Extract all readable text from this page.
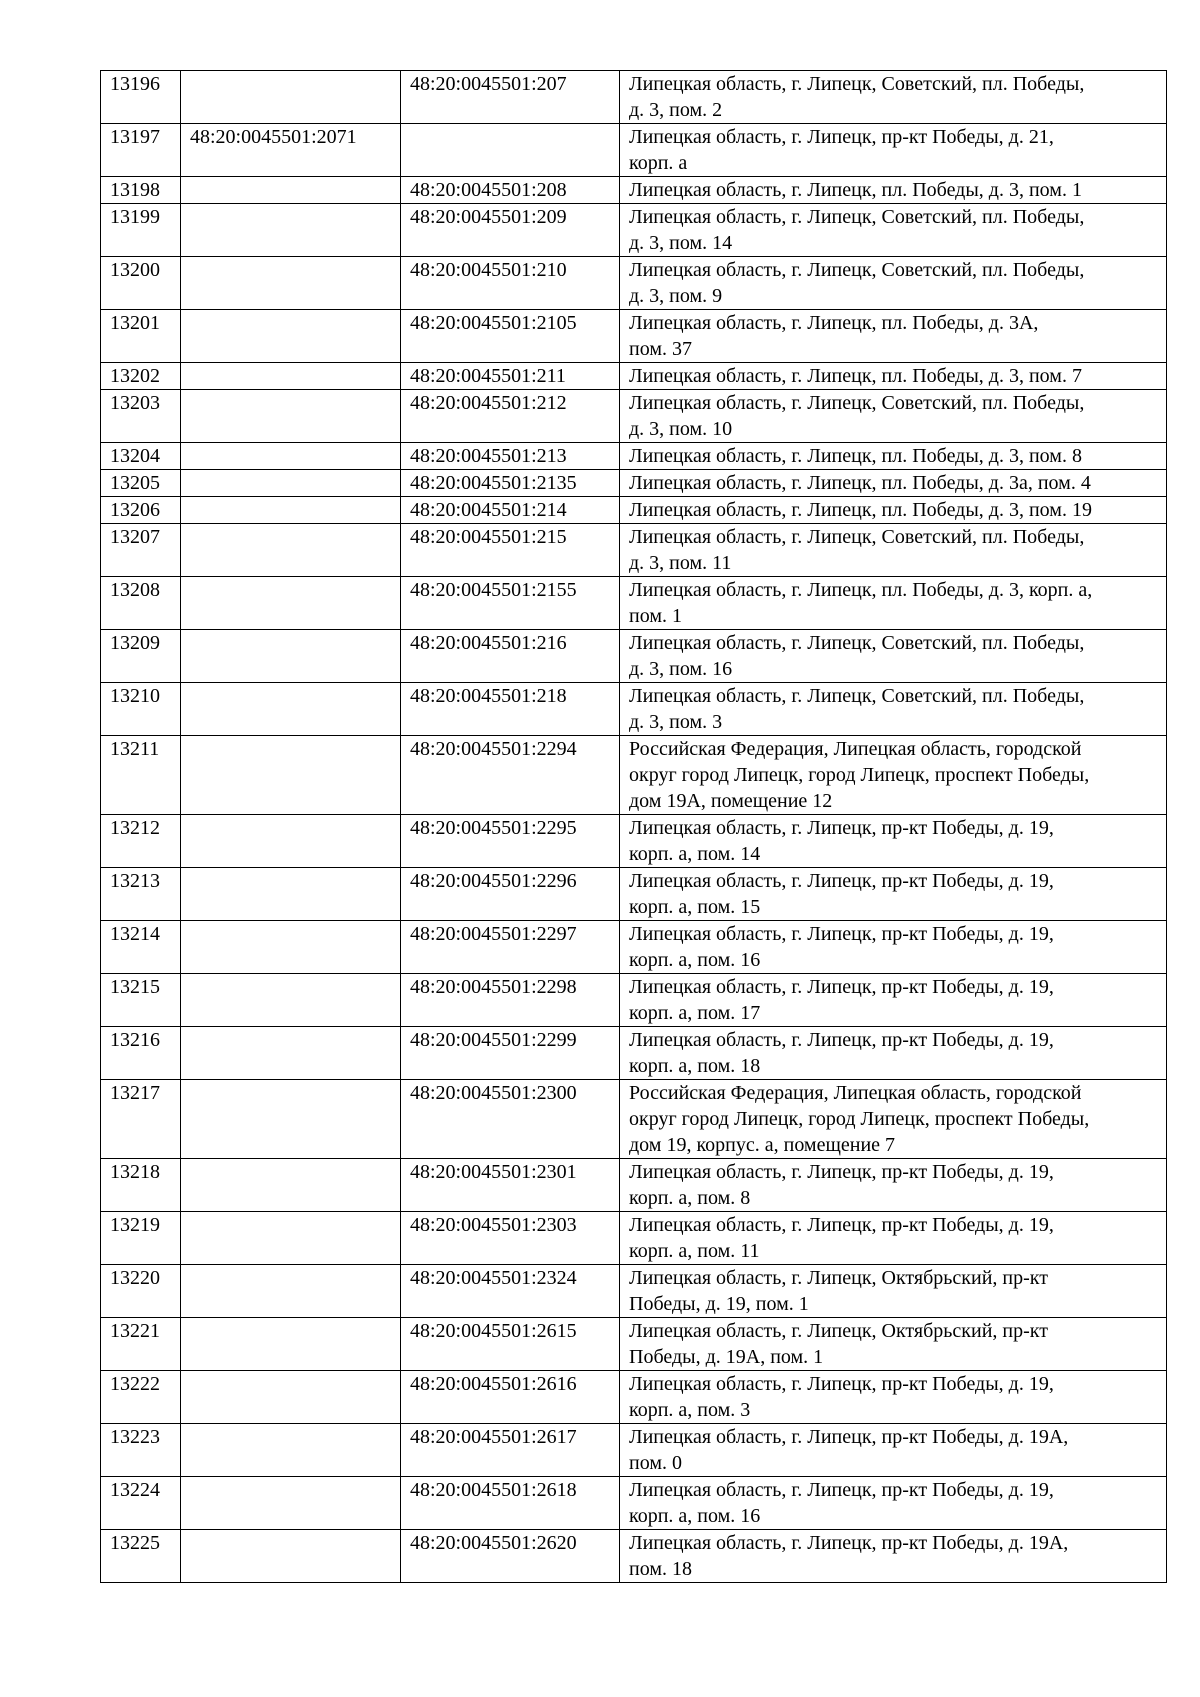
13196		48:20:0045501:207	Липецкая область, г. Липецк, Советский, пл. Победы,
д. 3, пом. 2
13197	48:20:0045501:2071		Липецкая область, г. Липецк, пр-кт Победы, д. 21,
корп. а
13198		48:20:0045501:208	Липецкая область, г. Липецк, пл. Победы, д. 3, пом. 1
13199		48:20:0045501:209	Липецкая область, г. Липецк, Советский, пл. Победы,
д. 3, пом. 14
13200		48:20:0045501:210	Липецкая область, г. Липецк, Советский, пл. Победы,
д. 3, пом. 9
13201		48:20:0045501:2105	Липецкая область, г. Липецк, пл. Победы, д. 3А,
пом. 37
13202		48:20:0045501:211	Липецкая область, г. Липецк, пл. Победы, д. 3, пом. 7
13203		48:20:0045501:212	Липецкая область, г. Липецк, Советский, пл. Победы,
д. 3, пом. 10
13204		48:20:0045501:213	Липецкая область, г. Липецк, пл. Победы, д. 3, пом. 8
13205		48:20:0045501:2135	Липецкая область, г. Липецк, пл. Победы, д. 3а, пом. 4
13206		48:20:0045501:214	Липецкая область, г. Липецк, пл. Победы, д. 3, пом. 19
13207		48:20:0045501:215	Липецкая область, г. Липецк, Советский, пл. Победы,
д. 3, пом. 11
13208		48:20:0045501:2155	Липецкая область, г. Липецк, пл. Победы, д. 3, корп. а,
пом. 1
13209		48:20:0045501:216	Липецкая область, г. Липецк, Советский, пл. Победы,
д. 3, пом. 16
13210		48:20:0045501:218	Липецкая область, г. Липецк, Советский, пл. Победы,
д. 3, пом. 3
13211		48:20:0045501:2294	Российская Федерация, Липецкая область, городской
округ город Липецк, город Липецк, проспект Победы,
дом 19А, помещение 12
13212		48:20:0045501:2295	Липецкая область, г. Липецк, пр-кт Победы, д. 19,
корп. а, пом. 14
13213		48:20:0045501:2296	Липецкая область, г. Липецк, пр-кт Победы, д. 19,
корп. а, пом. 15
13214		48:20:0045501:2297	Липецкая область, г. Липецк, пр-кт Победы, д. 19,
корп. а, пом. 16
13215		48:20:0045501:2298	Липецкая область, г. Липецк, пр-кт Победы, д. 19,
корп. а, пом. 17
13216		48:20:0045501:2299	Липецкая область, г. Липецк, пр-кт Победы, д. 19,
корп. а, пом. 18
13217		48:20:0045501:2300	Российская Федерация, Липецкая область, городской
округ город Липецк, город Липецк, проспект Победы,
дом 19, корпус. а, помещение 7
13218		48:20:0045501:2301	Липецкая область, г. Липецк, пр-кт Победы, д. 19,
корп. а, пом. 8
13219		48:20:0045501:2303	Липецкая область, г. Липецк, пр-кт Победы, д. 19,
корп. а, пом. 11
13220		48:20:0045501:2324	Липецкая область, г. Липецк, Октябрьский, пр-кт
Победы, д. 19, пом. 1
13221		48:20:0045501:2615	Липецкая область, г. Липецк, Октябрьский, пр-кт
Победы, д. 19А, пом. 1
13222		48:20:0045501:2616	Липецкая область, г. Липецк, пр-кт Победы, д. 19,
корп. а, пом. 3
13223		48:20:0045501:2617	Липецкая область, г. Липецк, пр-кт Победы, д. 19А,
пом. 0
13224		48:20:0045501:2618	Липецкая область, г. Липецк, пр-кт Победы, д. 19,
корп. а, пом. 16
13225		48:20:0045501:2620	Липецкая область, г. Липецк, пр-кт Победы, д. 19А,
пом. 18
